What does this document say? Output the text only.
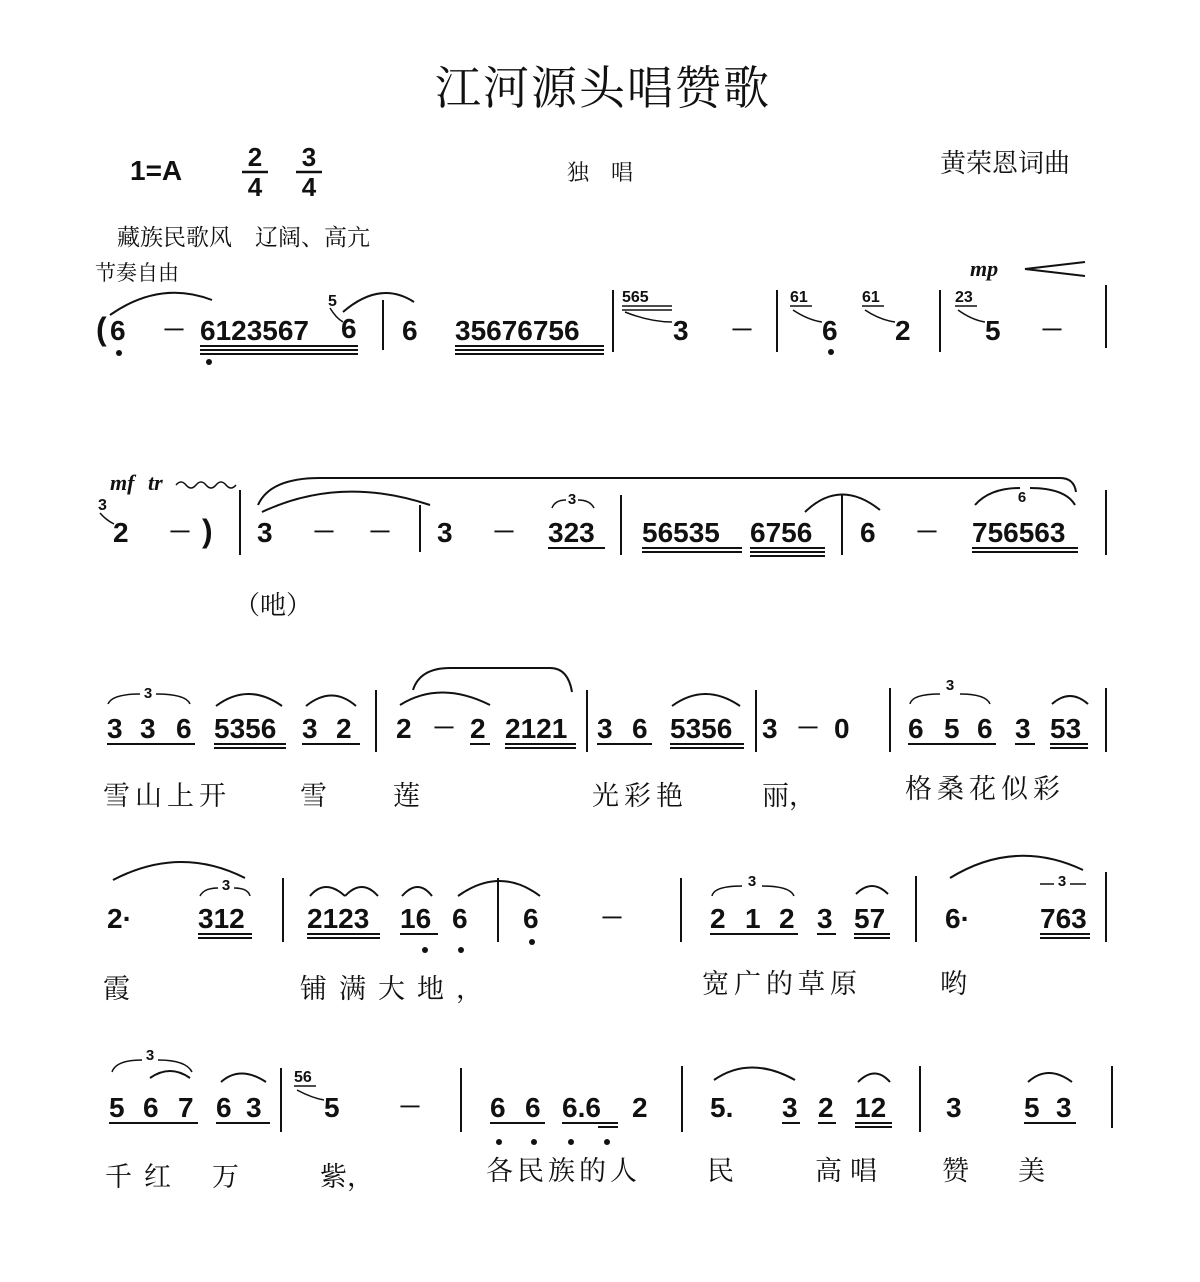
江河源头唱赞歌
1=A	2
4
3
4	独　唱	黄荣恩词曲
藏族民歌风　辽阔、高亢
节奏自由	mp
( 6 － 6123567
5
6 6 35676756
565
3 －
61
6
61
2
23
5 －
mf tr
3
2 － ) 3 － － 3 －
3
323 56535 6756 6 －
6
756563
（吔）
3
3 3 6 5356 3 2 2 － 2 2121 3 6 5356 3 － 0
3
6 5 6 3 53
雪山上开	雪 莲	光彩艳	丽，	格桑花似彩
2·
3
312 2123 16 6 6	－
3
2 1 2 3 57 6·
3
763
霞	铺满大地，	宽广的草原	哟
3
5 6 7 6 3
56
5 － 6 6 6.6 2 5. 3 2 12 3 5 3
千红 万	紫，	各民族的人 民	高唱 赞 美
